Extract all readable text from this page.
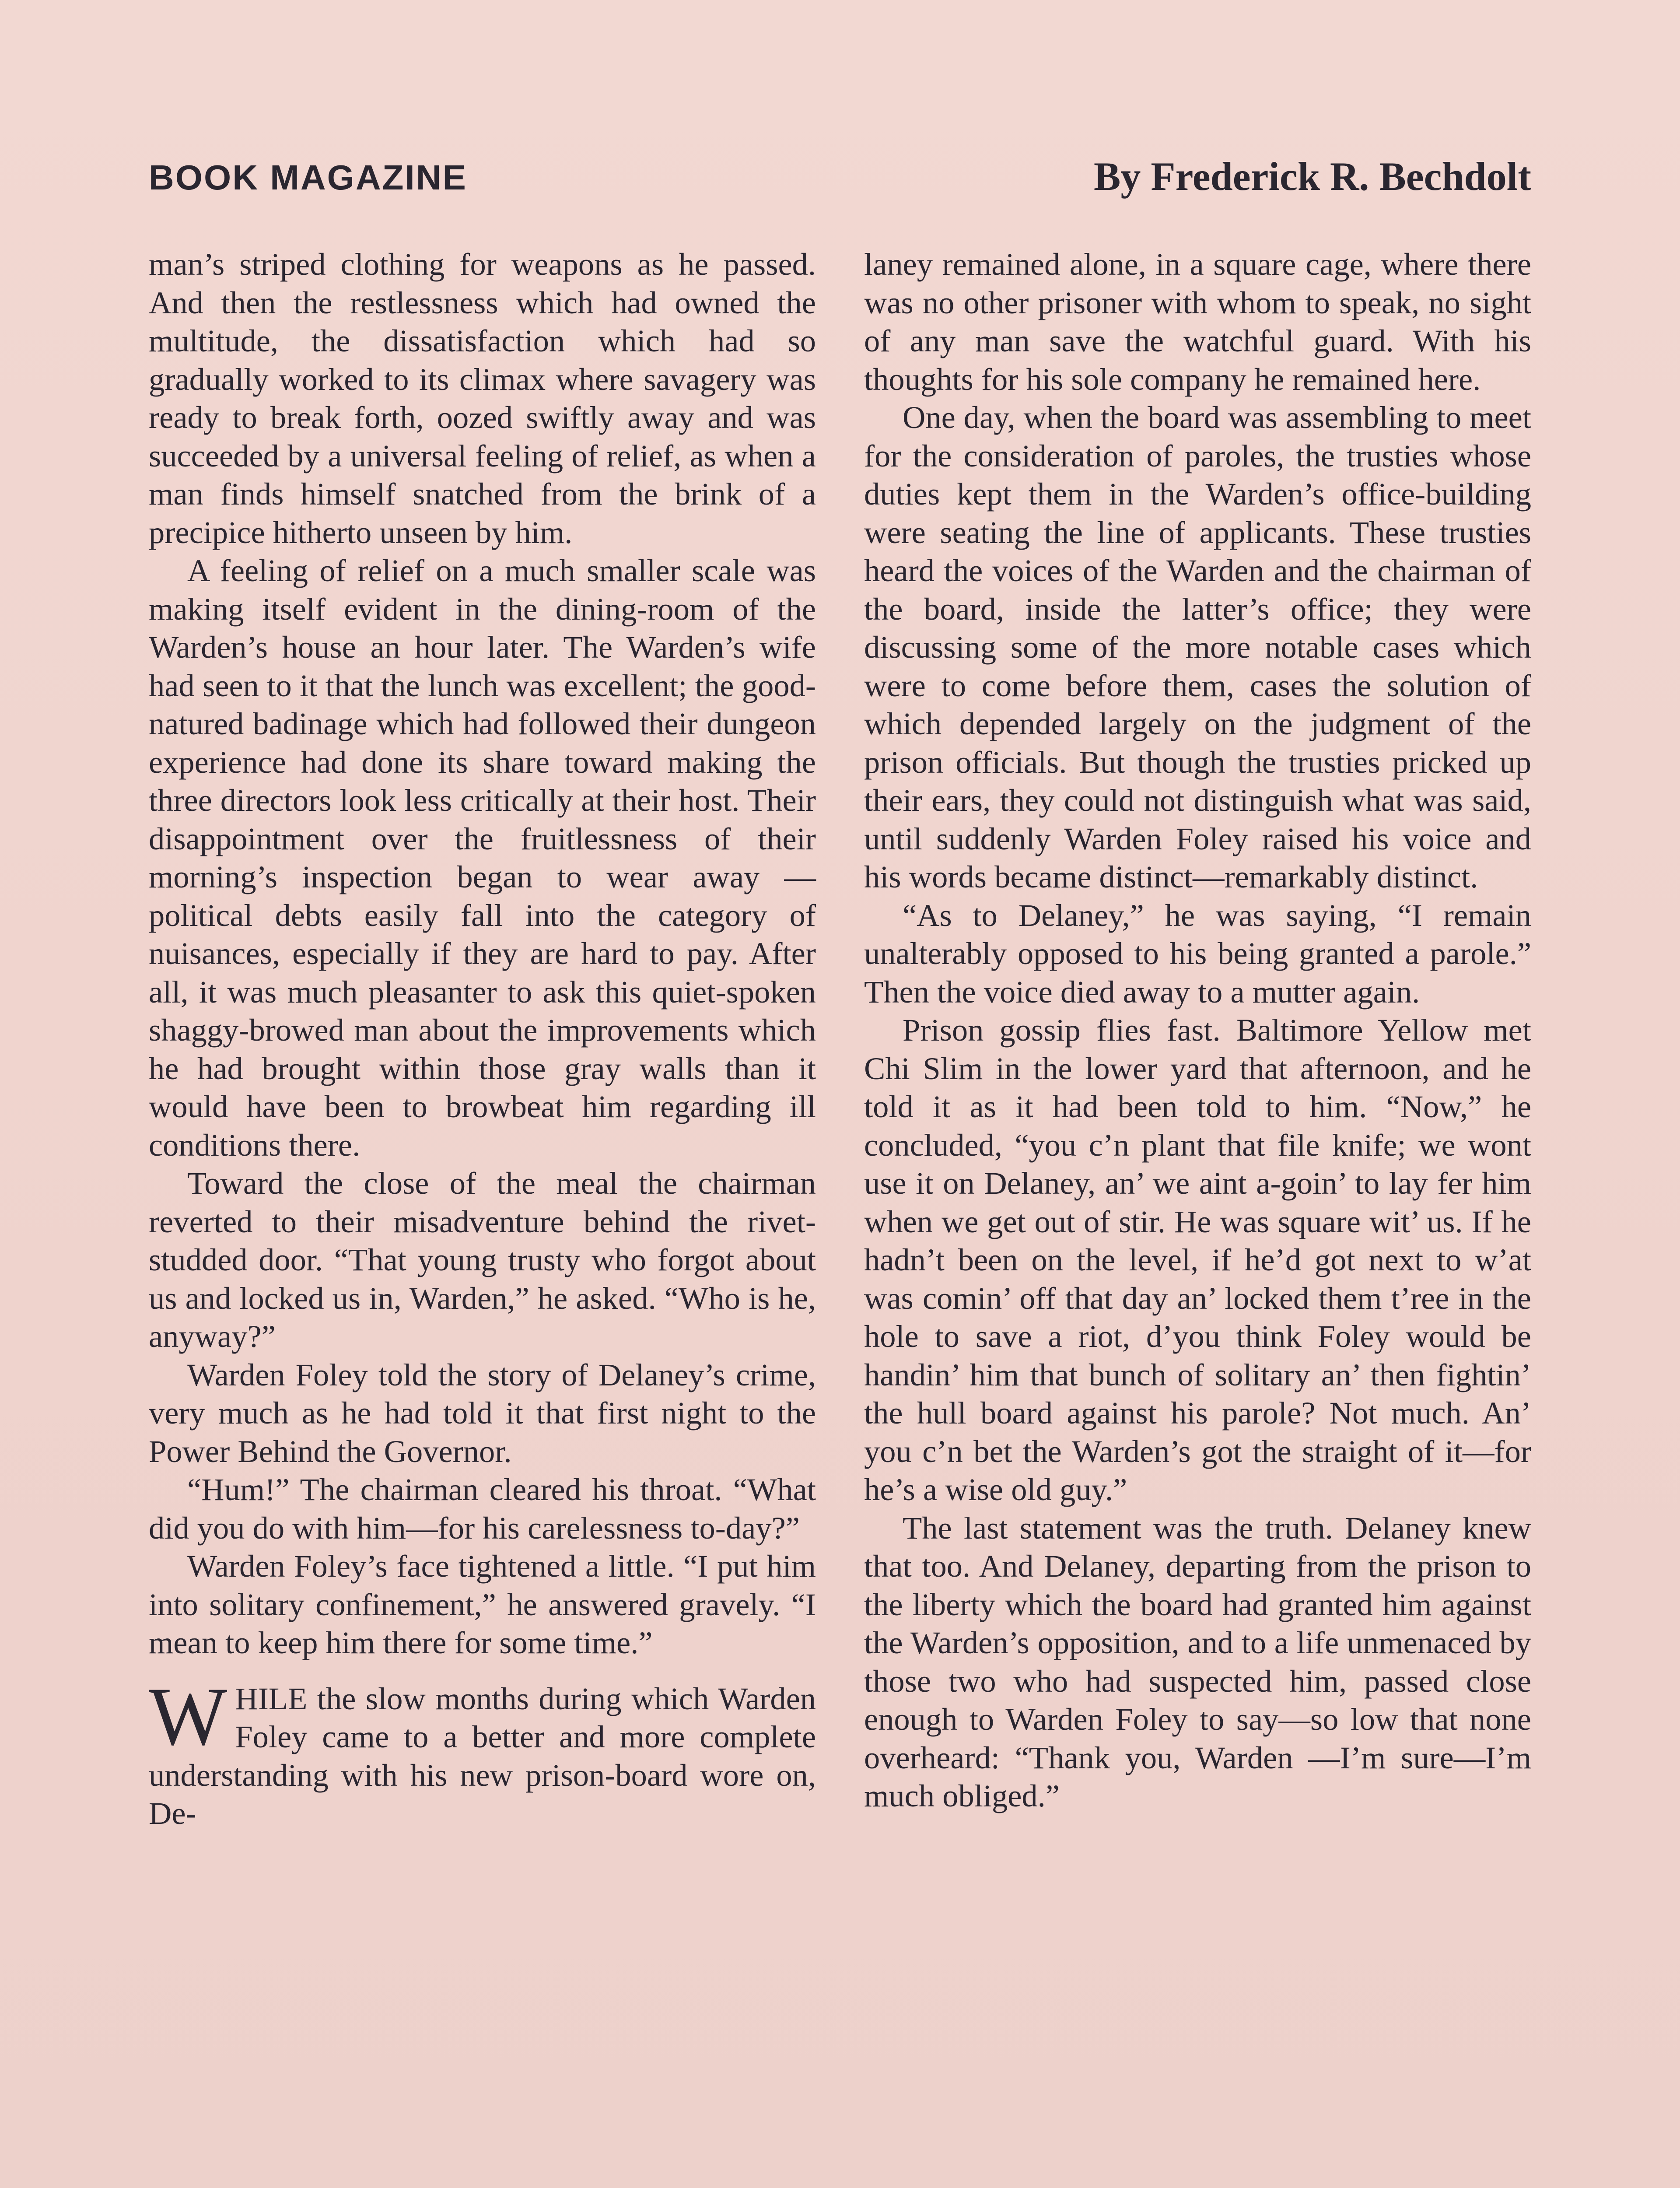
BOOK MAGAZINE	By Frederick R. Bechdolt

man’s striped clothing for weapons as he passed. And then the restlessness which had owned the multitude, the dissatisfaction which had so gradually worked to its climax where savagery was ready to break forth, oozed swiftly away and was succeeded by a universal feeling of relief, as when a man finds himself snatched from the brink of a precipice hitherto unseen by him.

A feeling of relief on a much smaller scale was making itself evident in the dining-room of the Warden’s house an hour later. The Warden’s wife had seen to it that the lunch was excellent; the good-natured badinage which had followed their dungeon experience had done its share toward making the three directors look less critically at their host. Their disappointment over the fruitlessness of their morning’s inspection began to wear away — political debts easily fall into the category of nuisances, especially if they are hard to pay. After all, it was much pleasanter to ask this quiet-spoken shaggy-browed man about the improvements which he had brought within those gray walls than it would have been to browbeat him regarding ill conditions there.

Toward the close of the meal the chairman reverted to their misadventure behind the rivet-studded door. “That young trusty who forgot about us and locked us in, Warden,” he asked. “Who is he, anyway?”

Warden Foley told the story of Delaney’s crime, very much as he had told it that first night to the Power Behind the Governor.

“Hum!” The chairman cleared his throat. “What did you do with him—for his carelessness to-day?”

Warden Foley’s face tightened a little. “I put him into solitary confinement,” he answered gravely. “I mean to keep him there for some time.”

WHILE the slow months during which Warden Foley came to a better and more complete understanding with his new prison-board wore on, De-

laney remained alone, in a square cage, where there was no other prisoner with whom to speak, no sight of any man save the watchful guard. With his thoughts for his sole company he remained here.

One day, when the board was assembling to meet for the consideration of paroles, the trusties whose duties kept them in the Warden’s office-building were seating the line of applicants. These trusties heard the voices of the Warden and the chairman of the board, inside the latter’s office; they were discussing some of the more notable cases which were to come before them, cases the solution of which depended largely on the judgment of the prison officials. But though the trusties pricked up their ears, they could not distinguish what was said, until suddenly Warden Foley raised his voice and his words became distinct—remarkably distinct.

“As to Delaney,” he was saying, “I remain unalterably opposed to his being granted a parole.” Then the voice died away to a mutter again.

Prison gossip flies fast. Baltimore Yellow met Chi Slim in the lower yard that afternoon, and he told it as it had been told to him. “Now,” he concluded, “you c’n plant that file knife; we wont use it on Delaney, an’ we aint a-goin’ to lay fer him when we get out of stir. He was square wit’ us. If he hadn’t been on the level, if he’d got next to w’at was comin’ off that day an’ locked them t’ree in the hole to save a riot, d’you think Foley would be handin’ him that bunch of solitary an’ then fightin’ the hull board against his parole? Not much. An’ you c’n bet the Warden’s got the straight of it—for he’s a wise old guy.”

The last statement was the truth. Delaney knew that too. And Delaney, departing from the prison to the liberty which the board had granted him against the Warden’s opposition, and to a life unmenaced by those two who had suspected him, passed close enough to Warden Foley to say—so low that none overheard: “Thank you, Warden —I’m sure—I’m much obliged.”
